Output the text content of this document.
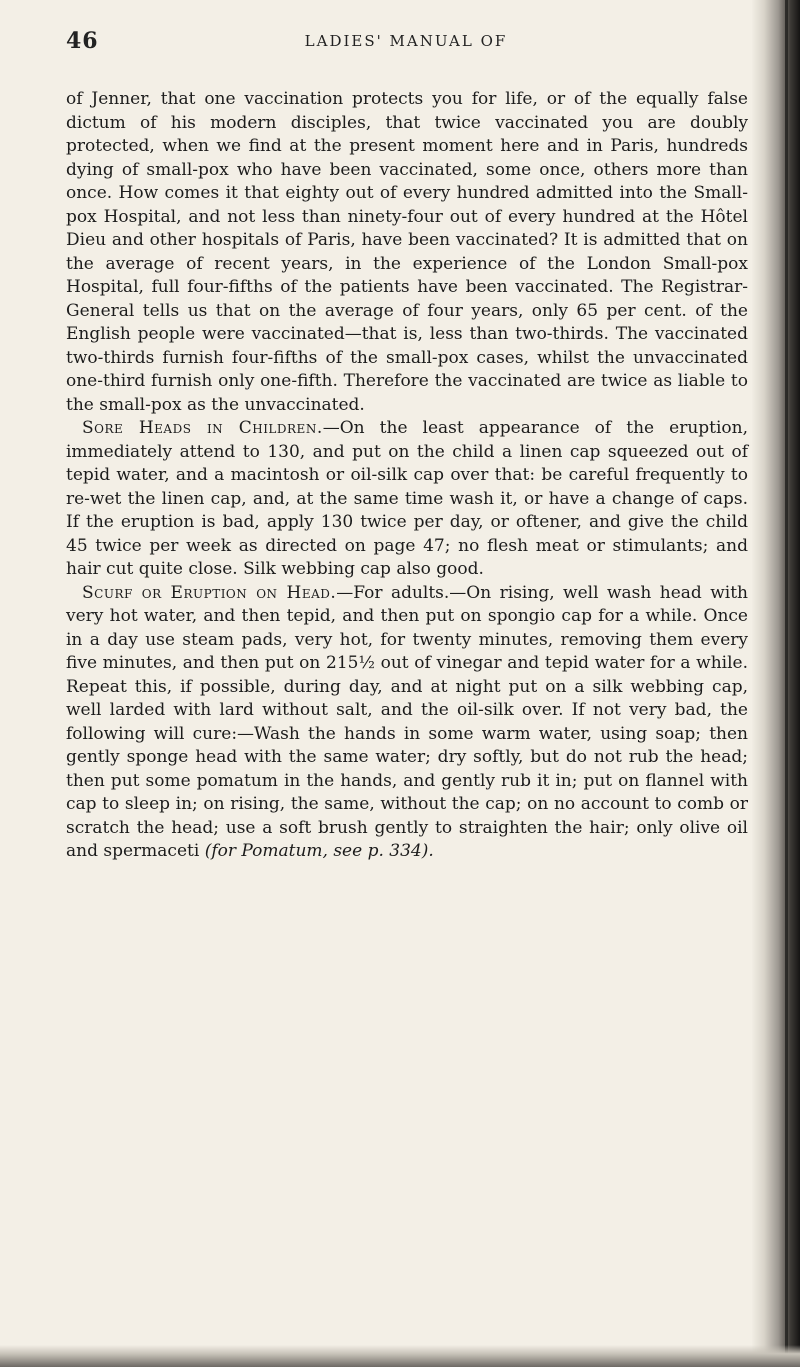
46	LADIES' MANUAL OF

of Jenner, that one vaccination protects you for life, or of the equally false dictum of his modern disciples, that twice vaccinated you are doubly protected, when we find at the present moment here and in Paris, hundreds dying of small-pox who have been vaccinated, some once, others more than once. How comes it that eighty out of every hundred admitted into the Small-pox Hospital, and not less than ninety-four out of every hundred at the Hôtel Dieu and other hospitals of Paris, have been vaccinated? It is admitted that on the average of recent years, in the experience of the London Small-pox Hospital, full four-fifths of the patients have been vaccinated. The Registrar-General tells us that on the average of four years, only 65 per cent. of the English people were vaccinated—that is, less than two-thirds. The vaccinated two-thirds furnish four-fifths of the small-pox cases, whilst the unvaccinated one-third furnish only one-fifth. Therefore the vaccinated are twice as liable to the small-pox as the unvaccinated.

Sore Heads in Children.—On the least appearance of the eruption, immediately attend to 130, and put on the child a linen cap squeezed out of tepid water, and a macintosh or oil-silk cap over that: be careful frequently to re-wet the linen cap, and, at the same time wash it, or have a change of caps. If the eruption is bad, apply 130 twice per day, or oftener, and give the child 45 twice per week as directed on page 47; no flesh meat or stimulants; and hair cut quite close. Silk webbing cap also good.

Scurf or Eruption on Head.—For adults.—On rising, well wash head with very hot water, and then tepid, and then put on spongio cap for a while. Once in a day use steam pads, very hot, for twenty minutes, removing them every five minutes, and then put on 215½ out of vinegar and tepid water for a while. Repeat this, if possible, during day, and at night put on a silk webbing cap, well larded with lard without salt, and the oil-silk over. If not very bad, the following will cure:—Wash the hands in some warm water, using soap; then gently sponge head with the same water; dry softly, but do not rub the head; then put some pomatum in the hands, and gently rub it in; put on flannel with cap to sleep in; on rising, the same, without the cap; on no account to comb or scratch the head; use a soft brush gently to straighten the hair; only olive oil and spermaceti (for Pomatum, see p. 334).
